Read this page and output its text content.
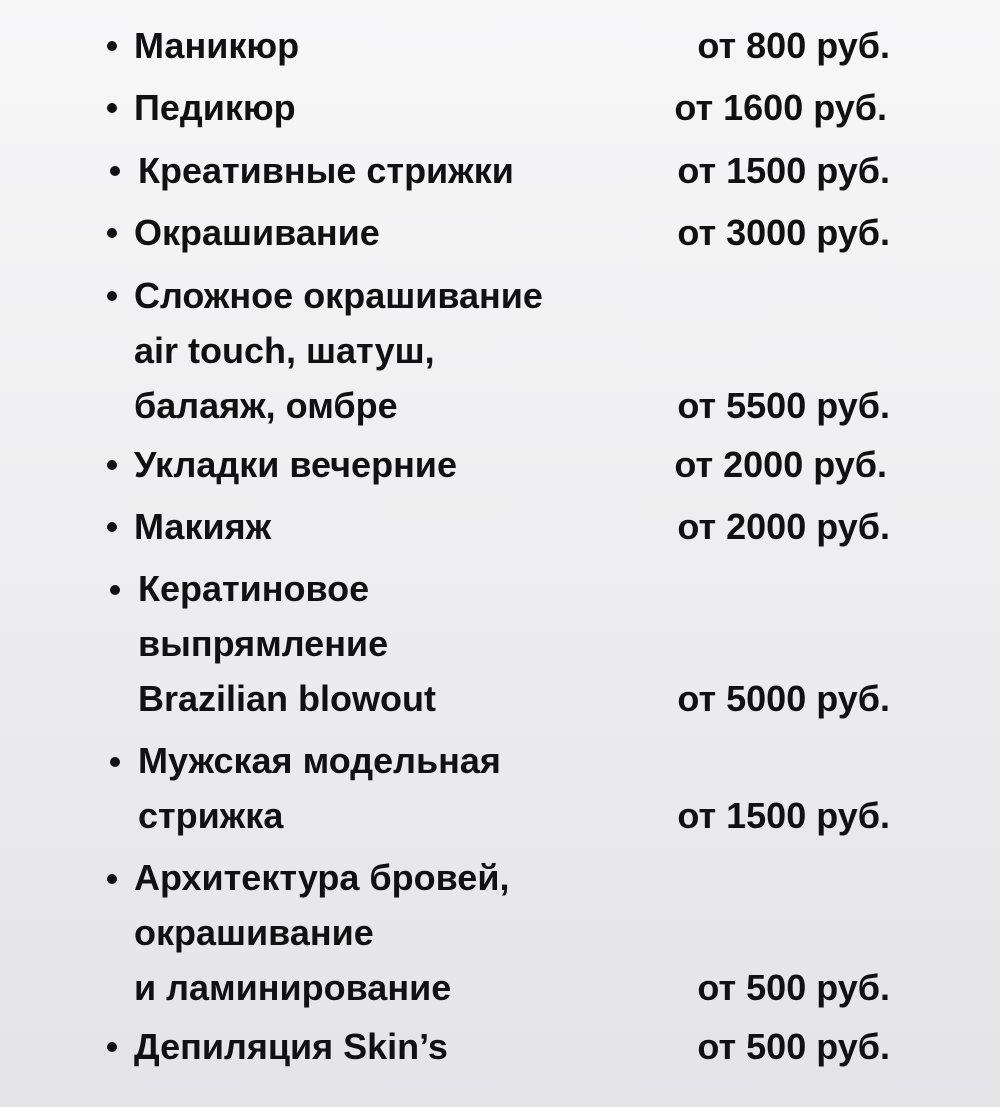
Маникюр	от 800 руб.
Педикюр	от 1600 руб.
Креативные стрижки	от 1500 руб.
Окрашивание	от 3000 руб.
Сложное окрашивание
air touch, шатуш,
балаяж, омбре	от 5500 руб.
Укладки вечерние	от 2000 руб.
Макияж	от 2000 руб.
Кератиновое
выпрямление
Brazilian blowout	от 5000 руб.
Мужская модельная
стрижка	от 1500 руб.
Архитектура бровей,
окрашивание
и ламинирование	от 500 руб.
Депиляция Skin’s	от 500 руб.
